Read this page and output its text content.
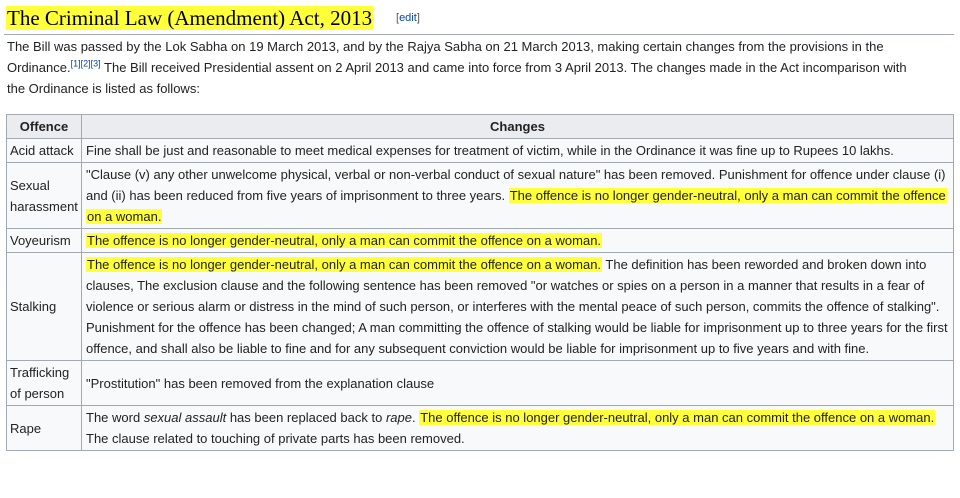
The Criminal Law (Amendment) Act, 2013 [edit]

The Bill was passed by the Lok Sabha on 19 March 2013, and by the Rajya Sabha on 21 March 2013, making certain changes from the provisions in the

Ordinance.[1][2][3] The Bill received Presidential assent on 2 April 2013 and came into force from 3 April 2013. The changes made in the Act incomparison with

the Ordinance is listed as follows:

Offence	Changes
Acid attack	Fine shall be just and reasonable to meet medical expenses for treatment of victim, while in the Ordinance it was fine up to Rupees 10 lakhs.
Sexual harassment	"Clause (v) any other unwelcome physical, verbal or non-verbal conduct of sexual nature" has been removed. Punishment for offence under clause (i) and (ii) has been reduced from five years of imprisonment to three years. The offence is no longer gender-neutral, only a man can commit the offence on a woman.

Voyeurism	The offence is no longer gender-neutral, only a man can commit the offence on a woman.
Stalking	The offence is no longer gender-neutral, only a man can commit the offence on a woman. The definition has been reworded and broken down into clauses, The exclusion clause and the following sentence has been removed "or watches or spies on a person in a manner that results in a fear of violence or serious alarm or distress in the mind of such person, or interferes with the mental peace of such person, commits the offence of stalking". Punishment for the offence has been changed; A man committing the offence of stalking would be liable for imprisonment up to three years for the first offence, and shall also be liable to fine and for any subsequent conviction would be liable for imprisonment up to five years and with fine.

Trafficking of person	"Prostitution" has been removed from the explanation clause
Rape	The word sexual assault has been replaced back to rape. The offence is no longer gender-neutral, only a man can commit the offence on a woman. The clause related to touching of private parts has been removed.
